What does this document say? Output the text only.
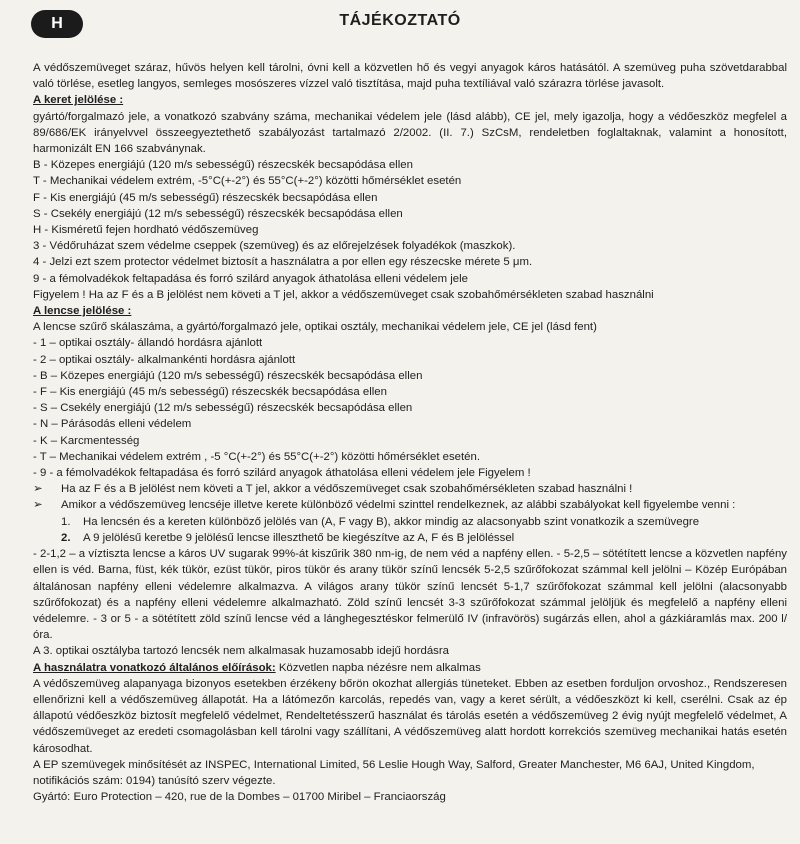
H	TÁJÉKOZTATÓ

A védőszemüveget száraz, hűvös helyen kell tárolni, óvni kell a közvetlen hő és vegyi anyagok káros hatásától. A szemüveg puha szövetdarabbal való törlése, esetleg langyos, semleges mosószeres vízzel való tisztítása, majd puha textíliával való szárazra törlése javasolt.

A keret jelölése :

gyártó/forgalmazó jele, a vonatkozó szabvány száma, mechanikai védelem jele (lásd alább), CE jel, mely igazolja, hogy a védőeszköz megfelel a 89/686/EK irányelvvel összeegyeztethető szabályozást tartalmazó 2/2002. (II. 7.) SzCsM, rendeletben foglaltaknak, valamint a honosított, harmonizált EN 166 szabványnak.

B - Közepes energiájú (120 m/s sebességű) részecskék becsapódása ellen

T - Mechanikai védelem extrém, -5°C(+-2°) és 55°C(+-2°) közötti hőmérséklet esetén

F - Kis energiájú (45 m/s sebességű) részecskék becsapódása ellen

S - Csekély energiájú (12 m/s sebességű) részecskék becsapódása ellen

H - Kisméretű fejen hordható védőszemüveg

3 - Védőruházat szem védelme cseppek (szemüveg) és az előrejelzések folyadékok (maszkok).

4 - Jelzi ezt szem protector védelmet biztosít a használatra a por ellen egy részecske mérete 5 μm.

9 - a fémolvadékok feltapadása és forró szilárd anyagok áthatolása elleni védelem jele

Figyelem ! Ha az F és a B jelölést nem követi a T jel, akkor a védőszemüveget csak szobahőmérsékleten szabad használni

A lencse jelölése :

A lencse szűrő skálaszáma, a gyártó/forgalmazó jele, optikai osztály, mechanikai védelem jele, CE jel (lásd fent)

- 1 – optikai osztály- állandó hordásra ajánlott

- 2 – optikai osztály- alkalmankénti hordásra ajánlott

- B – Közepes energiájú (120 m/s sebességű) részecskék becsapódása ellen

- F – Kis energiájú (45 m/s sebességű) részecskék becsapódása ellen

- S – Csekély energiájú (12 m/s sebességű) részecskék becsapódása ellen

- N – Párásodás elleni védelem

- K – Karcmentesség

- T – Mechanikai védelem extrém , -5 °C(+-2°) és 55°C(+-2°) közötti hőmérséklet esetén.

- 9 - a fémolvadékok feltapadása és forró szilárd anyagok áthatolása elleni védelem jele Figyelem !

➢	Ha az F és a B jelölést nem követi a T jel, akkor a védőszemüveget csak szobahőmérsékleten szabad használni !
➢	Amikor a védőszemüveg lencséje illetve kerete különböző védelmi szinttel rendelkeznek, az alábbi szabályokat kell figyelembe venni :
1.	Ha lencsén és a kereten különböző jelölés van (A, F vagy B), akkor mindig az alacsonyabb szint vonatkozik a szemüvegre
2.	A 9 jelölésű keretbe 9 jelölésű lencse illeszthető be kiegészítve az A, F és B jelöléssel

- 2-1,2 – a víztiszta lencse a káros UV sugarak 99%-át kiszűrik 380 nm-ig, de nem véd a napfény ellen. - 5-2,5 – sötétített lencse a közvetlen napfény ellen is véd. Barna, füst, kék tükör, ezüst tükör, piros tükör és arany tükör színű lencsék 5-2,5 szűrőfokozat számmal kell jelölni – Közép Európában általánosan napfény elleni védelemre alkalmazva. A világos arany tükör színű lencsét 5-1,7 szűrőfokozat számmal kell jelölni (alacsonyabb szűrőfokozat) és a napfény elleni védelemre alkalmazható. Zöld színű lencsét 3-3 szűrőfokozat számmal jelöljük és megfelelő a napfény elleni védelemre. - 3 or 5 - a sötétített zöld színű lencse véd a lánghegesztéskor felmerülő IV (infravörös) sugárzás ellen, ahol a gázkiáramlás max. 200 l/óra.

A 3. optikai osztályba tartozó lencsék nem alkalmasak huzamosabb idejű hordásra

A használatra vonatkozó általános előírások: Közvetlen napba nézésre nem alkalmas

A védőszemüveg alapanyaga bizonyos esetekben érzékeny bőrön okozhat allergiás tüneteket. Ebben az esetben forduljon orvoshoz., Rendszeresen ellenőrizni kell a védőszemüveg állapotát. Ha a látómezőn karcolás, repedés van, vagy a keret sérült, a védőeszközt ki kell, cserélni. Csak az ép állapotú védőeszköz biztosít megfelelő védelmet, Rendeltetésszerű használat és tárolás esetén a védőszemüveg 2 évig nyújt megfelelő védelmet, A védőszemüveget az eredeti csomagolásban kell tárolni vagy szállítani, A védőszemüveg alatt hordott korrekciós szemüveg mechanikai hatás esetén károsodhat.

A EP szemüvegek minősítését az INSPEC, International Limited, 56 Leslie Hough Way, Salford, Greater Manchester, M6 6AJ, United Kingdom, notifikációs szám: 0194) tanúsító szerv végezte.

Gyártó: Euro Protection – 420, rue de la Dombes – 01700 Miribel – Franciaország
